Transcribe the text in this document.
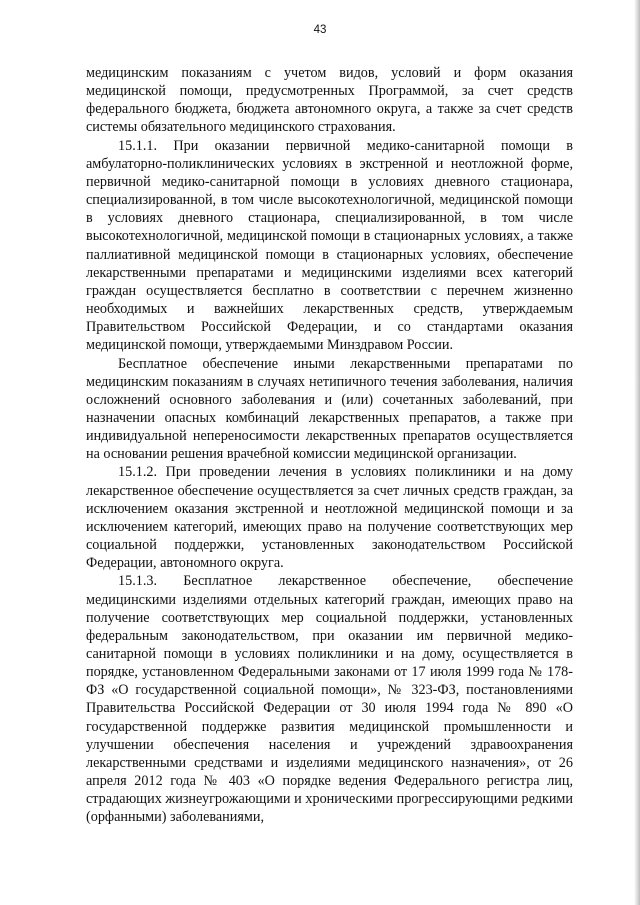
43

медицинским показаниям с учетом видов, условий и форм оказания медицинской помощи, предусмотренных Программой, за счет средств федерального бюджета, бюджета автономного округа, а также за счет средств системы обязательного медицинского страхования.

15.1.1. При оказании первичной медико-санитарной помощи в амбулаторно-поликлинических условиях в экстренной и неотложной форме, первичной медико-санитарной помощи в условиях дневного стационара, специализированной, в том числе высокотехнологичной, медицинской помощи в условиях дневного стационара, специализированной, в том числе высокотехнологичной, медицинской помощи в стационарных условиях, а также паллиативной медицинской помощи в стационарных условиях, обеспечение лекарственными препаратами и медицинскими изделиями всех категорий граждан осуществляется бесплатно в соответствии с перечнем жизненно необходимых и важнейших лекарственных средств, утверждаемым Правительством Российской Федерации, и со стандартами оказания медицинской помощи, утверждаемыми Минздравом России.

Бесплатное обеспечение иными лекарственными препаратами по медицинским показаниям в случаях нетипичного течения заболевания, наличия осложнений основного заболевания и (или) сочетанных заболеваний, при назначении опасных комбинаций лекарственных препаратов, а также при индивидуальной непереносимости лекарственных препаратов осуществляется на основании решения врачебной комиссии медицинской организации.

15.1.2. При проведении лечения в условиях поликлиники и на дому лекарственное обеспечение осуществляется за счет личных средств граждан, за исключением оказания экстренной и неотложной медицинской помощи и за исключением категорий, имеющих право на получение соответствующих мер социальной поддержки, установленных законодательством Российской Федерации, автономного округа.

15.1.3. Бесплатное лекарственное обеспечение, обеспечение медицинскими изделиями отдельных категорий граждан, имеющих право на получение соответствующих мер социальной поддержки, установленных федеральным законодательством, при оказании им первичной медико-санитарной помощи в условиях поликлиники и на дому, осуществляется в порядке, установленном Федеральными законами от 17 июля 1999 года № 178-ФЗ «О государственной социальной помощи», № 323-ФЗ, постановлениями Правительства Российской Федерации от 30 июля 1994 года № 890 «О государственной поддержке развития медицинской промышленности и улучшении обеспечения населения и учреждений здравоохранения лекарственными средствами и изделиями медицинского назначения», от 26 апреля 2012 года № 403 «О порядке ведения Федерального регистра лиц, страдающих жизнеугрожающими и хроническими прогрессирующими редкими (орфанными) заболеваниями,
